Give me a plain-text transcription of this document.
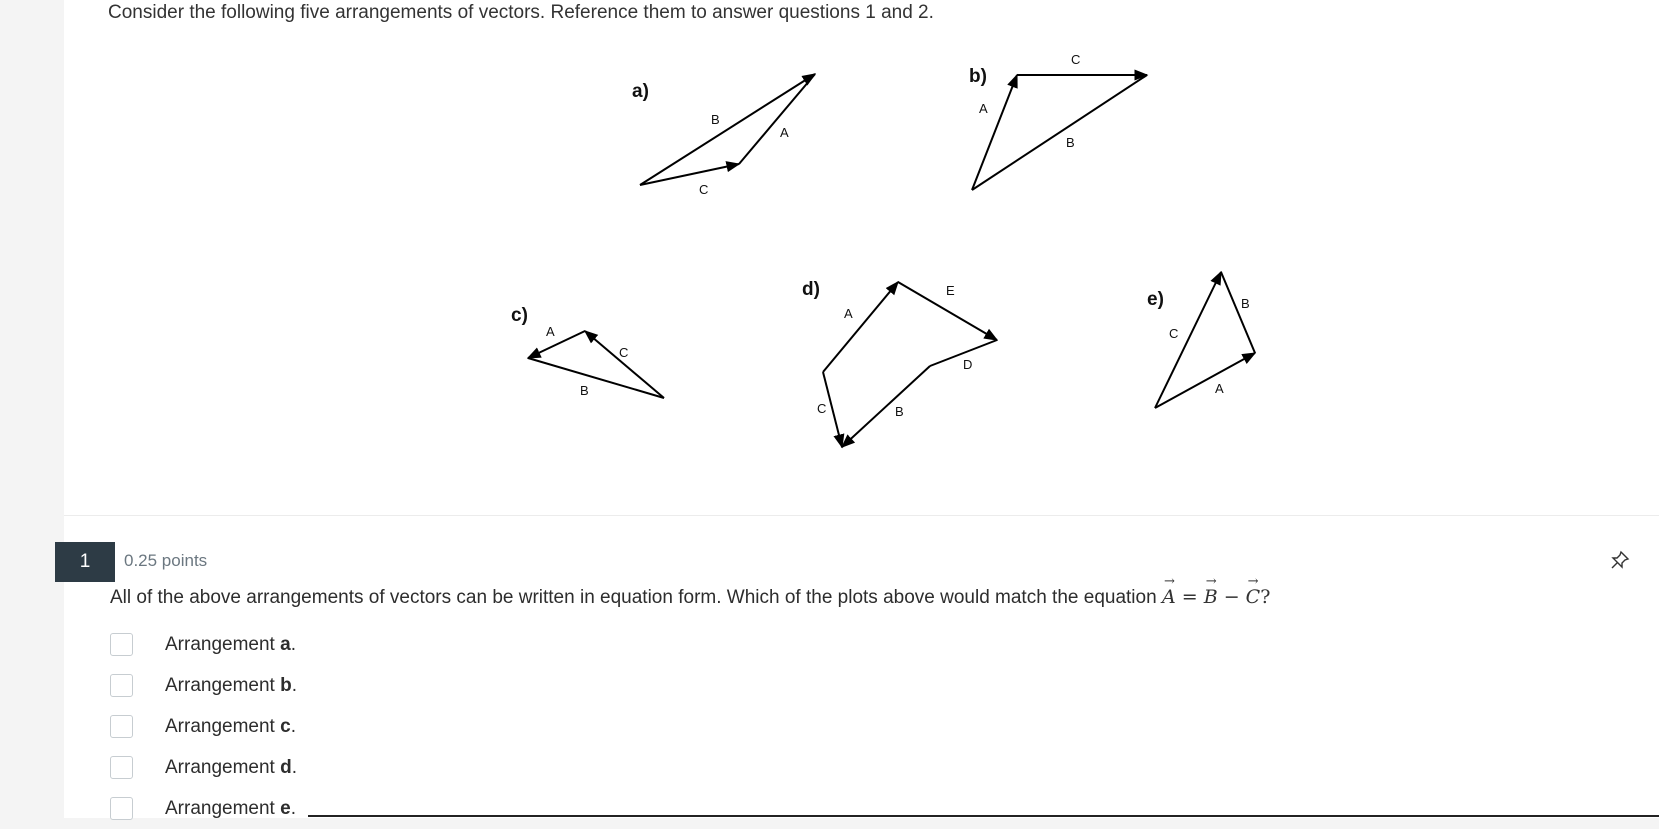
Consider the following five arrangements of vectors. Reference them to answer questions 1 and 2.

a)
B
A
C
b)
C
A
B
c)
A
C
B
d)
A
E
D
C	B
e)	B
C
A
1	0.25 points

All of the above arrangements of vectors can be written in equation form. Which of the plots above would match the equation → A = → B − → C?

Arrangement a.
Arrangement b.
Arrangement c.
Arrangement d.
Arrangement e.
